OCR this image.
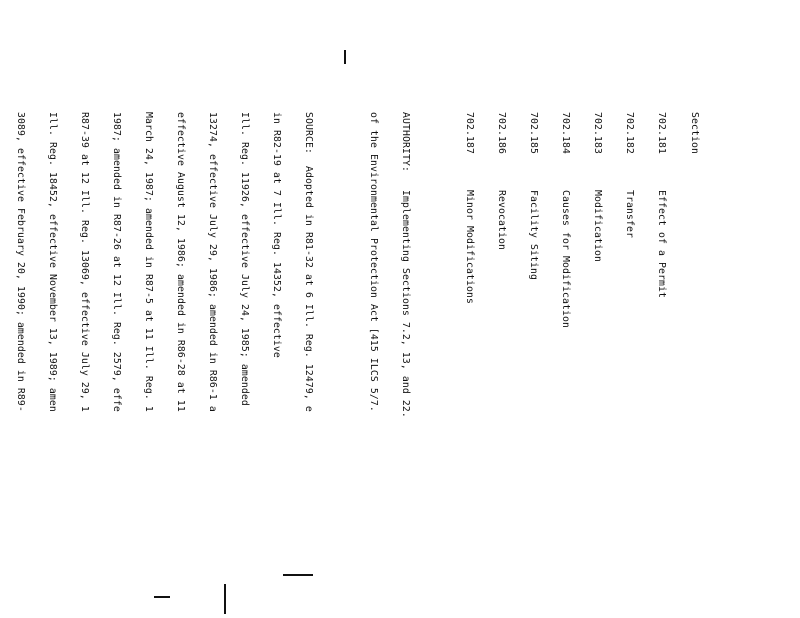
Section

702.181      Effect of a Permit

702.182      Transfer

702.183      Modification

702.184      Causes for Modification

702.185      Facility Siting

702.186      Revocation

702.187      Minor Modifications

AUTHORITY:   Implementing Sections 7.2, 13, and 22.

of the Environmental Protection Act [415 ILCS 5/7.

SOURCE:  Adopted in R81-32 at 6 Ill. Reg. 12479, e

in R82-19 at 7 Ill. Reg. 14352, effective

Ill. Reg. 11926, effective July 24, 1985; amended

13274, effective July 29, 1986; amended in R86-1 a

effective August 12, 1986; amended in R86-28 at 11

March 24, 1987; amended in R87-5 at 11 Ill. Reg. 1

1987; amended in R87-26 at 12 Ill. Reg. 2579, effe

R87-39 at 12 Ill. Reg. 13069, effective July 29, 1

Ill. Reg. 18452, effective November 13, 1989; amen

3089, effective February 20, 1990; amended in R89-
